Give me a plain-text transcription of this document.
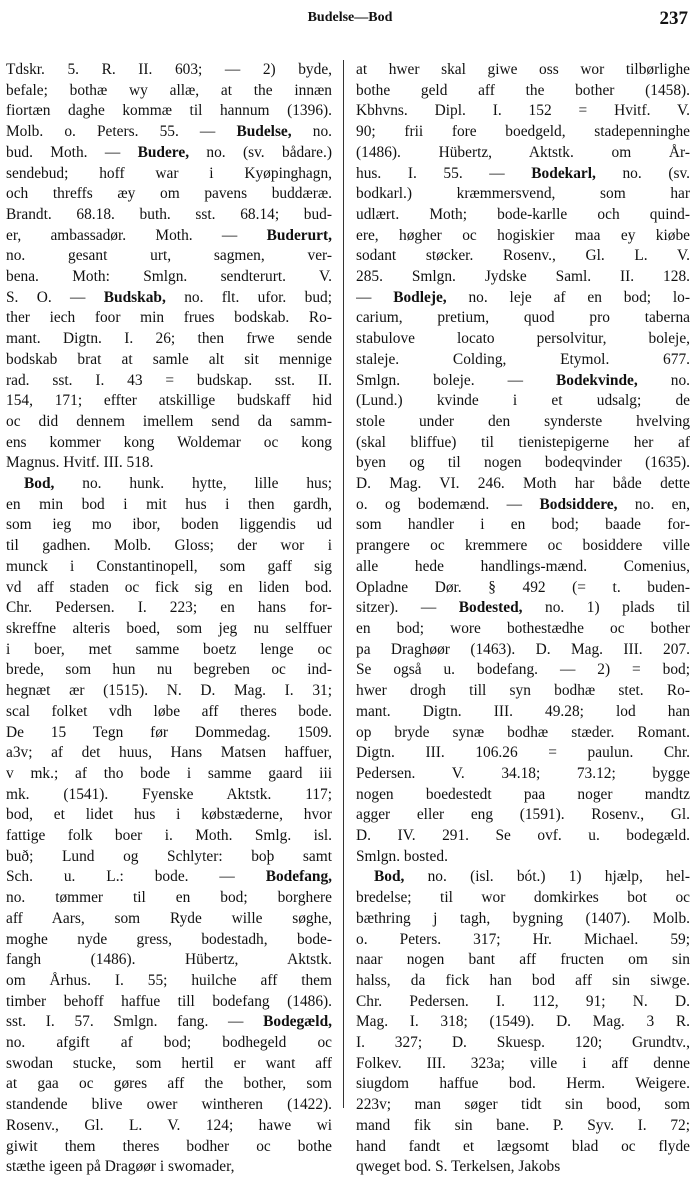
Budelse—Bod	237
Tdskr. 5. R. II. 603; — 2) byde,
befale; bothæ wy allæ, at the innæn
fiortæn daghe kommæ til hannum (1396).
Molb. o. Peters. 55. — Budelse, no.
bud. Moth. — Budere, no. (sv. bådare.)
sendebud; hoff war i Kyøpinghagn,
och threffs æy om pavens buddæræ.
Brandt. 68.18. buth. sst. 68.14; bud-
er, ambassadør. Moth. — Buderurt,
no. gesant urt, sagmen, ver-
bena. Moth: Smlgn. sendterurt. V.
S. O. — Budskab, no. flt. ufor. bud;
ther iech foor min frues bodskab. Ro-
mant. Digtn. I. 26; then frwe sende
bodskab brat at samle alt sit mennige
rad. sst. I. 43 = budskap. sst. II.
154, 171; effter atskillige budskaff hid
oc did dennem imellem send da samm-
ens kommer kong Woldemar oc kong
Magnus. Hvitf. III. 518.
Bod, no. hunk. hytte, lille hus;
en min bod i mit hus i then gardh,
som ieg mo ibor, boden liggendis ud
til gadhen. Molb. Gloss; der wor i
munck i Constantinopell, som gaff sig
vd aff staden oc fick sig en liden bod.
Chr. Pedersen. I. 223; en hans for-
skreffne alteris boed, som jeg nu selffuer
i boer, met samme boetz lenge oc
brede, som hun nu begreben oc ind-
hegnæt ær (1515). N. D. Mag. I. 31;
scal folket vdh løbe aff theres bode.
De 15 Tegn før Dommedag. 1509.
a3v; af det huus, Hans Matsen haffuer,
v mk.; af tho bode i samme gaard iii
mk. (1541). Fyenske Aktstk. 117;
bod, et lidet hus i købstæderne, hvor
fattige folk boer i. Moth. Smlg. isl.
buð; Lund og Schlyter: boþ samt
Sch. u. L.: bode. — Bodefang,
no. tømmer til en bod; borghere
aff Aars, som Ryde wille søghe,
moghe nyde gress, bodestadh, bode-
fangh (1486). Hübertz, Aktstk.
om Århus. I. 55; huilche aff them
timber behoff haffue till bodefang (1486).
sst. I. 57. Smlgn. fang. — Bodegæld,
no. afgift af bod; bodhegeld oc
swodan stucke, som hertil er want aff
at gaa oc gøres aff the bother, som
standende blive ower wintheren (1422).
Rosenv., Gl. L. V. 124; hawe wi
giwit them theres bodher oc bothe
stæthe igeen på Dragøør i swomader,
at hwer skal giwe oss wor tilbørlighe
bothe geld aff the bother (1458).
Kbhvns. Dipl. I. 152 = Hvitf. V.
90; frii fore boedgeld, stadepenninghe
(1486). Hübertz, Aktstk. om År-
hus. I. 55. — Bodekarl, no. (sv.
bodkarl.) kræmmersvend, som har
udlært. Moth; bode-karlle och quind-
ere, høgher oc hogiskier maa ey kiøbe
sodant støcker. Rosenv., Gl. L. V.
285. Smlgn. Jydske Saml. II. 128.
— Bodleje, no. leje af en bod; lo-
carium, pretium, quod pro taberna
stabulove locato persolvitur, boleje,
staleje. Colding, Etymol. 677.
Smlgn. boleje. — Bodekvinde, no.
(Lund.) kvinde i et udsalg; de
stole under den synderste hvelving
(skal bliffue) til tienistepigerne her af
byen og til nogen bodeqvinder (1635).
D. Mag. VI. 246. Moth har både dette
o. og bodemænd. — Bodsiddere, no. en,
som handler i en bod; baade for-
prangere oc kremmere oc bosiddere ville
alle hede handlings-mænd. Comenius,
Opladne Dør. § 492 (= t. buden-
sitzer). — Bodested, no. 1) plads til
en bod; wore bothestædhe oc bother
pa Draghøør (1463). D. Mag. III. 207.
Se også u. bodefang. — 2) = bod;
hwer drogh till syn bodhæ stet. Ro-
mant. Digtn. III. 49.28; lod han
op bryde synæ bodhæ stæder. Romant.
Digtn. III. 106.26 = paulun. Chr.
Pedersen. V. 34.18; 73.12; bygge
nogen boedestedt paa noger mandtz
agger eller eng (1591). Rosenv., Gl.
D. IV. 291. Se ovf. u. bodegæld.
Smlgn. bosted.
Bod, no. (isl. bót.) 1) hjælp, hel-
bredelse; til wor domkirkes bot oc
bæthring j tagh, bygning (1407). Molb.
o. Peters. 317; Hr. Michael. 59;
naar nogen bant aff fructen om sin
halss, da fick han bod aff sin siwge.
Chr. Pedersen. I. 112, 91; N. D.
Mag. I. 318; (1549). D. Mag. 3 R.
I. 327; D. Skuesp. 120; Grundtv.,
Folkev. III. 323a; ville i aff denne
siugdom haffue bod. Herm. Weigere.
223v; man søger tidt sin bood, som
mand fik sin bane. P. Syv. I. 72;
hand fandt et lægsomt blad oc flyde
qweget bod. S. Terkelsen, Jakobs
